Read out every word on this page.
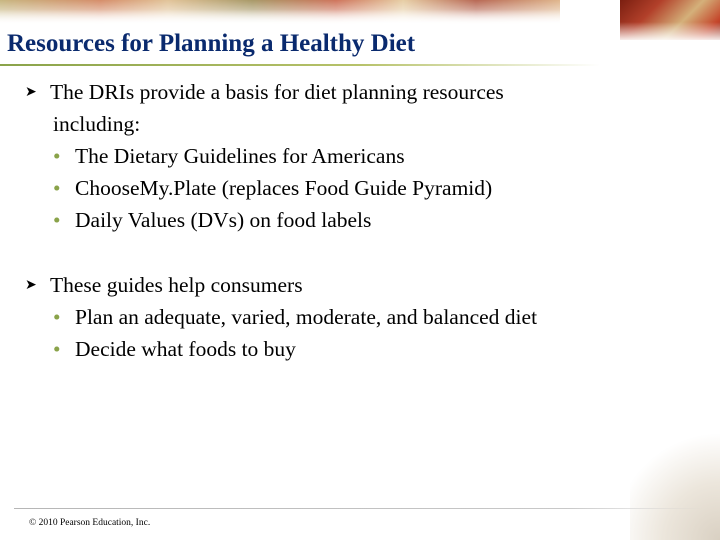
Resources for Planning a Healthy Diet
➤ The DRIs provide a basis for diet planning resources
including:
• The Dietary Guidelines for Americans
• ChooseMy.Plate (replaces Food Guide Pyramid)
• Daily Values (DVs) on food labels
➤ These guides help consumers
• Plan an adequate, varied, moderate, and balanced diet
• Decide what foods to buy
© 2010 Pearson Education, Inc.
